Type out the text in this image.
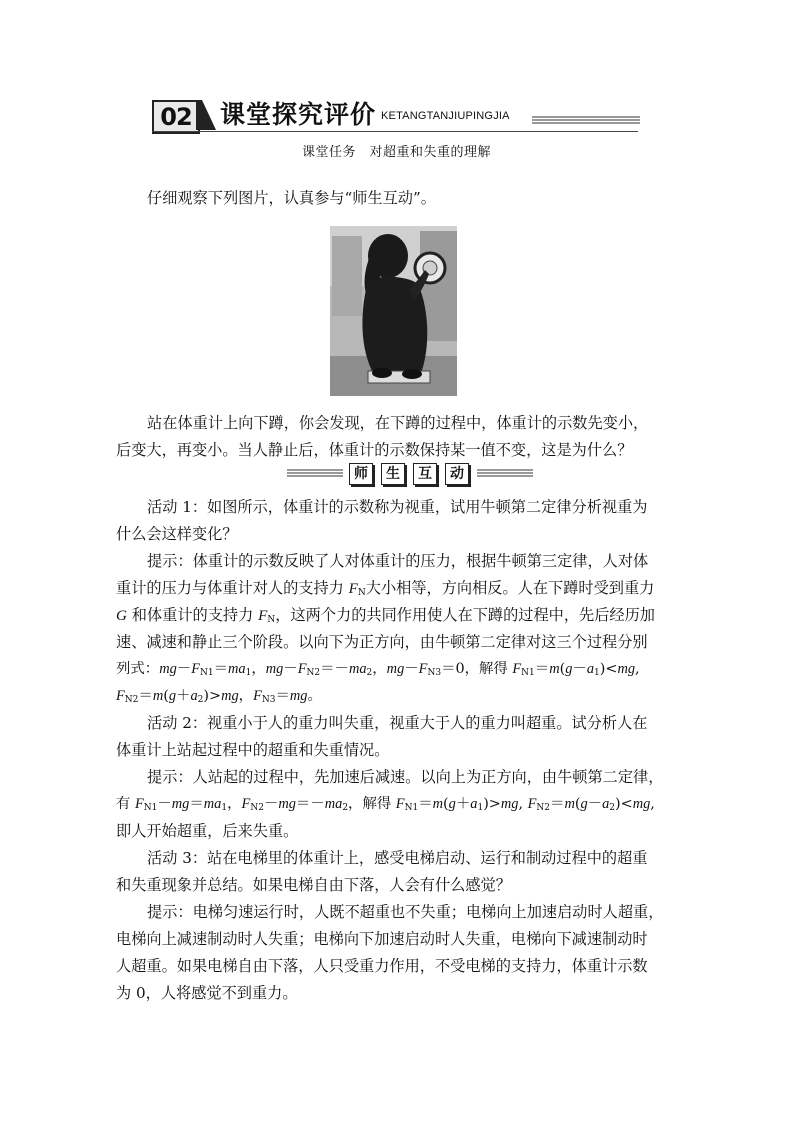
02	课堂探究评价 KETANGTANJIUPINGJIA
课堂任务　对超重和失重的理解
仔细观察下列图片，认真参与“师生互动”。
站在体重计上向下蹲，你会发现，在下蹲的过程中，体重计的示数先变小，
后变大，再变小。当人静止后，体重计的示数保持某一值不变，这是为什么？
师	生	互	动
活动 1：如图所示，体重计的示数称为视重，试用牛顿第二定律分析视重为
什么会这样变化？
提示：体重计的示数反映了人对体重计的压力，根据牛顿第三定律，人对体
重计的压力与体重计对人的支持力 $F_N$大小相等，方向相反。人在下蹲时受到重力
G 和体重计的支持力 $F_N$，这两个力的共同作用使人在下蹲的过程中，先后经历加
速、减速和静止三个阶段。以向下为正方向，由牛顿第二定律对这三个过程分别
列式：$mg-F_{N1}=ma_1$，$mg-F_{N2}=-ma_2$，$mg-F_{N3}=0$，解得 $F_{N1}=m(g-a_1)<mg$,
$F_{N2}=m(g+a_2)>mg$，$F_{N3}=mg$。
活动 2：视重小于人的重力叫失重，视重大于人的重力叫超重。试分析人在
体重计上站起过程中的超重和失重情况。
提示：人站起的过程中，先加速后减速。以向上为正方向，由牛顿第二定律，
有 $F_{N1}-mg=ma_1$，$F_{N2}-mg=-ma_2$，解得 $F_{N1}=m(g+a_1)>mg$, $F_{N2}=m(g-a_2)<mg$,
即人开始超重，后来失重。
活动 3：站在电梯里的体重计上，感受电梯启动、运行和制动过程中的超重
和失重现象并总结。如果电梯自由下落，人会有什么感觉？
提示：电梯匀速运行时，人既不超重也不失重；电梯向上加速启动时人超重，
电梯向上减速制动时人失重；电梯向下加速启动时人失重，电梯向下减速制动时
人超重。如果电梯自由下落，人只受重力作用，不受电梯的支持力，体重计示数
为 0，人将感觉不到重力。
